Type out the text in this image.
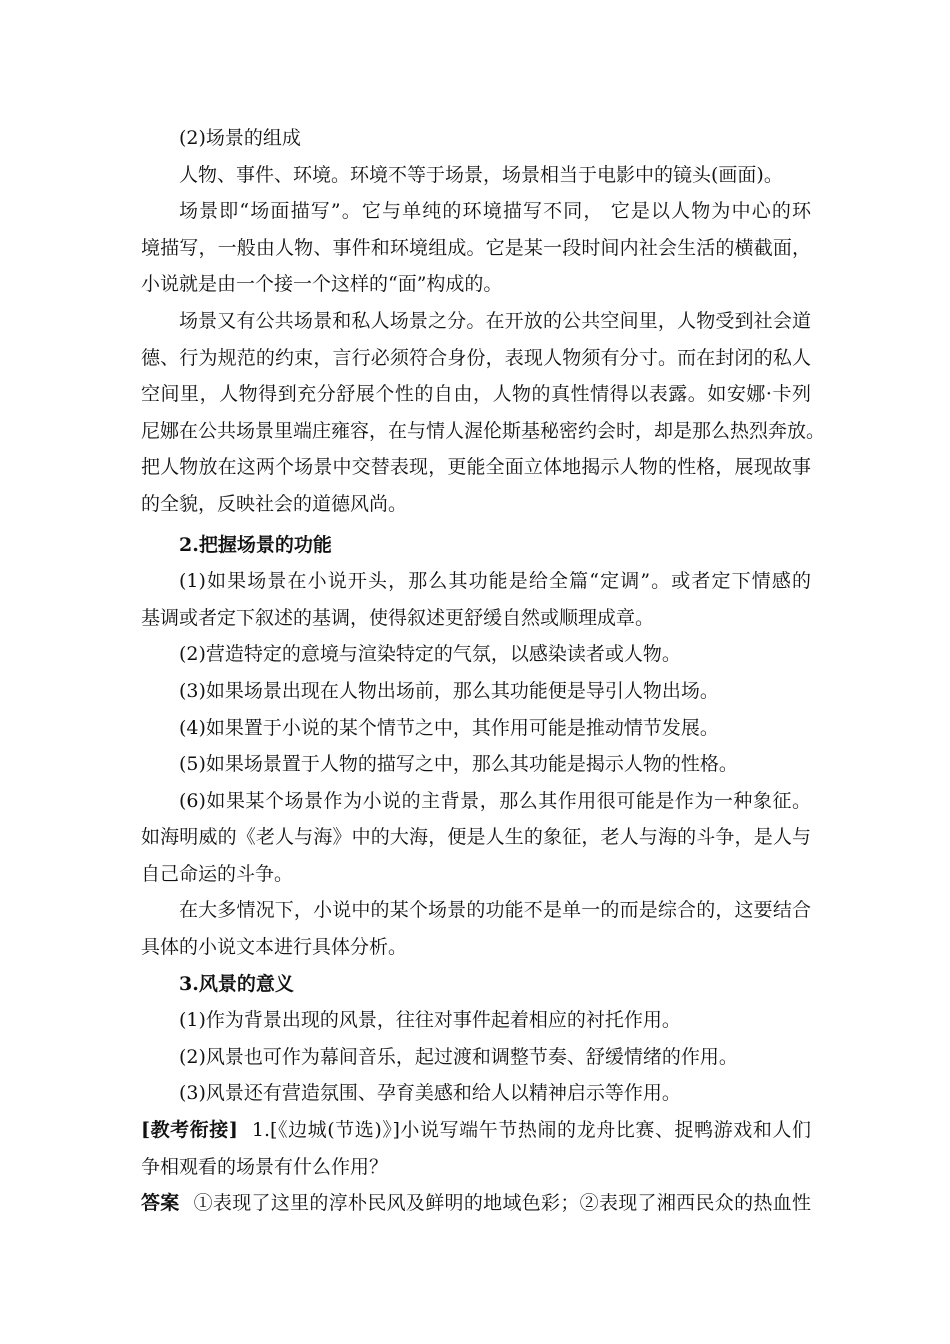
(2)场景的组成
人物、事件、环境。环境不等于场景，场景相当于电影中的镜头(画面)。
场景即“场面描写”。它与单纯的环境描写不同， 它是以人物为中心的环
境描写，一般由人物、事件和环境组成。它是某一段时间内社会生活的横截面，
小说就是由一个接一个这样的“面”构成的。
场景又有公共场景和私人场景之分。在开放的公共空间里，人物受到社会道
德、行为规范的约束，言行必须符合身份，表现人物须有分寸。而在封闭的私人
空间里，人物得到充分舒展个性的自由，人物的真性情得以表露。如安娜·卡列
尼娜在公共场景里端庄雍容，在与情人渥伦斯基秘密约会时，却是那么热烈奔放。
把人物放在这两个场景中交替表现，更能全面立体地揭示人物的性格，展现故事
的全貌，反映社会的道德风尚。
2.把握场景的功能
(1)如果场景在小说开头，那么其功能是给全篇“定调”。或者定下情感的
基调或者定下叙述的基调，使得叙述更舒缓自然或顺理成章。
(2)营造特定的意境与渲染特定的气氛，以感染读者或人物。
(3)如果场景出现在人物出场前，那么其功能便是导引人物出场。
(4)如果置于小说的某个情节之中，其作用可能是推动情节发展。
(5)如果场景置于人物的描写之中，那么其功能是揭示人物的性格。
(6)如果某个场景作为小说的主背景，那么其作用很可能是作为一种象征。
如海明威的《老人与海》中的大海，便是人生的象征，老人与海的斗争，是人与
自己命运的斗争。
在大多情况下，小说中的某个场景的功能不是单一的而是综合的，这要结合
具体的小说文本进行具体分析。
3.风景的意义
(1)作为背景出现的风景，往往对事件起着相应的衬托作用。
(2)风景也可作为幕间音乐，起过渡和调整节奏、舒缓情绪的作用。
(3)风景还有营造氛围、孕育美感和给人以精神启示等作用。
[教考衔接] 1.[《边城(节选)》]小说写端午节热闹的龙舟比赛、捉鸭游戏和人们
争相观看的场景有什么作用？
答案 ①表现了这里的淳朴民风及鲜明的地域色彩；②表现了湘西民众的热血性
